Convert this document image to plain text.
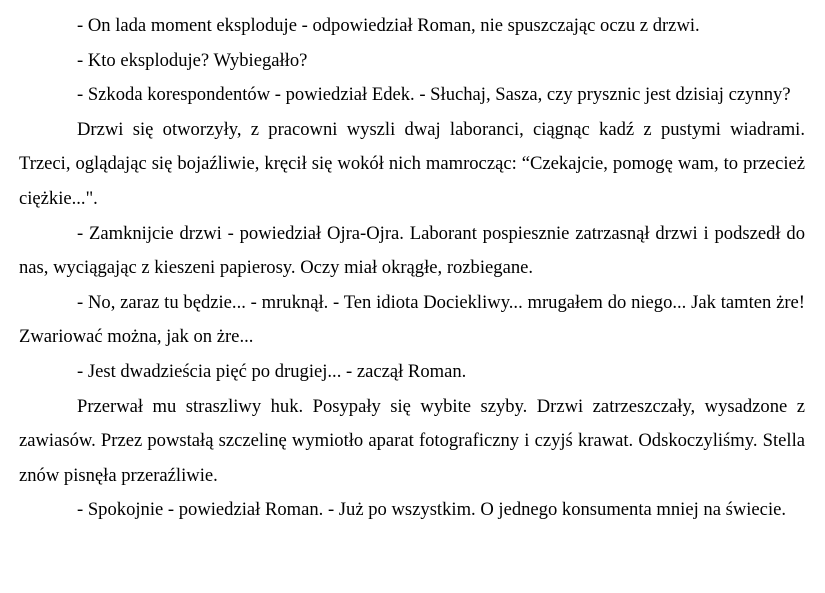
- On lada moment eksploduje - odpowiedział Roman, nie spuszczając oczu z drzwi.

- Kto eksploduje? Wybiegałło?

- Szkoda korespondentów - powiedział Edek. - Słuchaj, Sasza, czy prysznic jest dzisiaj czynny?

Drzwi się otworzyły, z pracowni wyszli dwaj laboranci, ciągnąc kadź z pustymi wiadrami. Trzeci, oglądając się bojaźliwie, kręcił się wokół nich mamrocząc: “Czekajcie, pomogę wam, to przecież ciężkie...".

- Zamknijcie drzwi - powiedział Ojra-Ojra. Laborant pospiesznie zatrzasnął drzwi i podszedł do nas, wyciągając z kieszeni papierosy. Oczy miał okrągłe, rozbiegane.

- No, zaraz tu będzie... - mruknął. - Ten idiota Dociekliwy... mrugałem do niego... Jak tamten żre! Zwariować można, jak on żre...

- Jest dwadzieścia pięć po drugiej... - zaczął Roman.

Przerwał mu straszliwy huk. Posypały się wybite szyby. Drzwi zatrzeszczały, wysadzone z zawiasów. Przez powstałą szczelinę wymiotło aparat fotograficzny i czyjś krawat. Odskoczyliśmy. Stella znów pisnęła przeraźliwie.

- Spokojnie - powiedział Roman. - Już po wszystkim. O jednego konsumenta mniej na świecie.
